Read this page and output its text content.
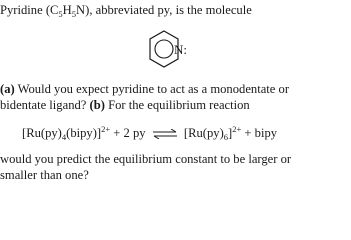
Pyridine $(C_5H_5N)$, abbreviated py, is the molecule
N:
(a) Would you expect pyridine to act as a monodentate or
bidentate ligand? (b) For the equilibrium reaction
$[Ru(py)_4(bipy)]^{2+} + 2$ py ⇌ $[Ru(py)_6]^{2+}$ + bipy
would you predict the equilibrium constant to be larger or
smaller than one?
